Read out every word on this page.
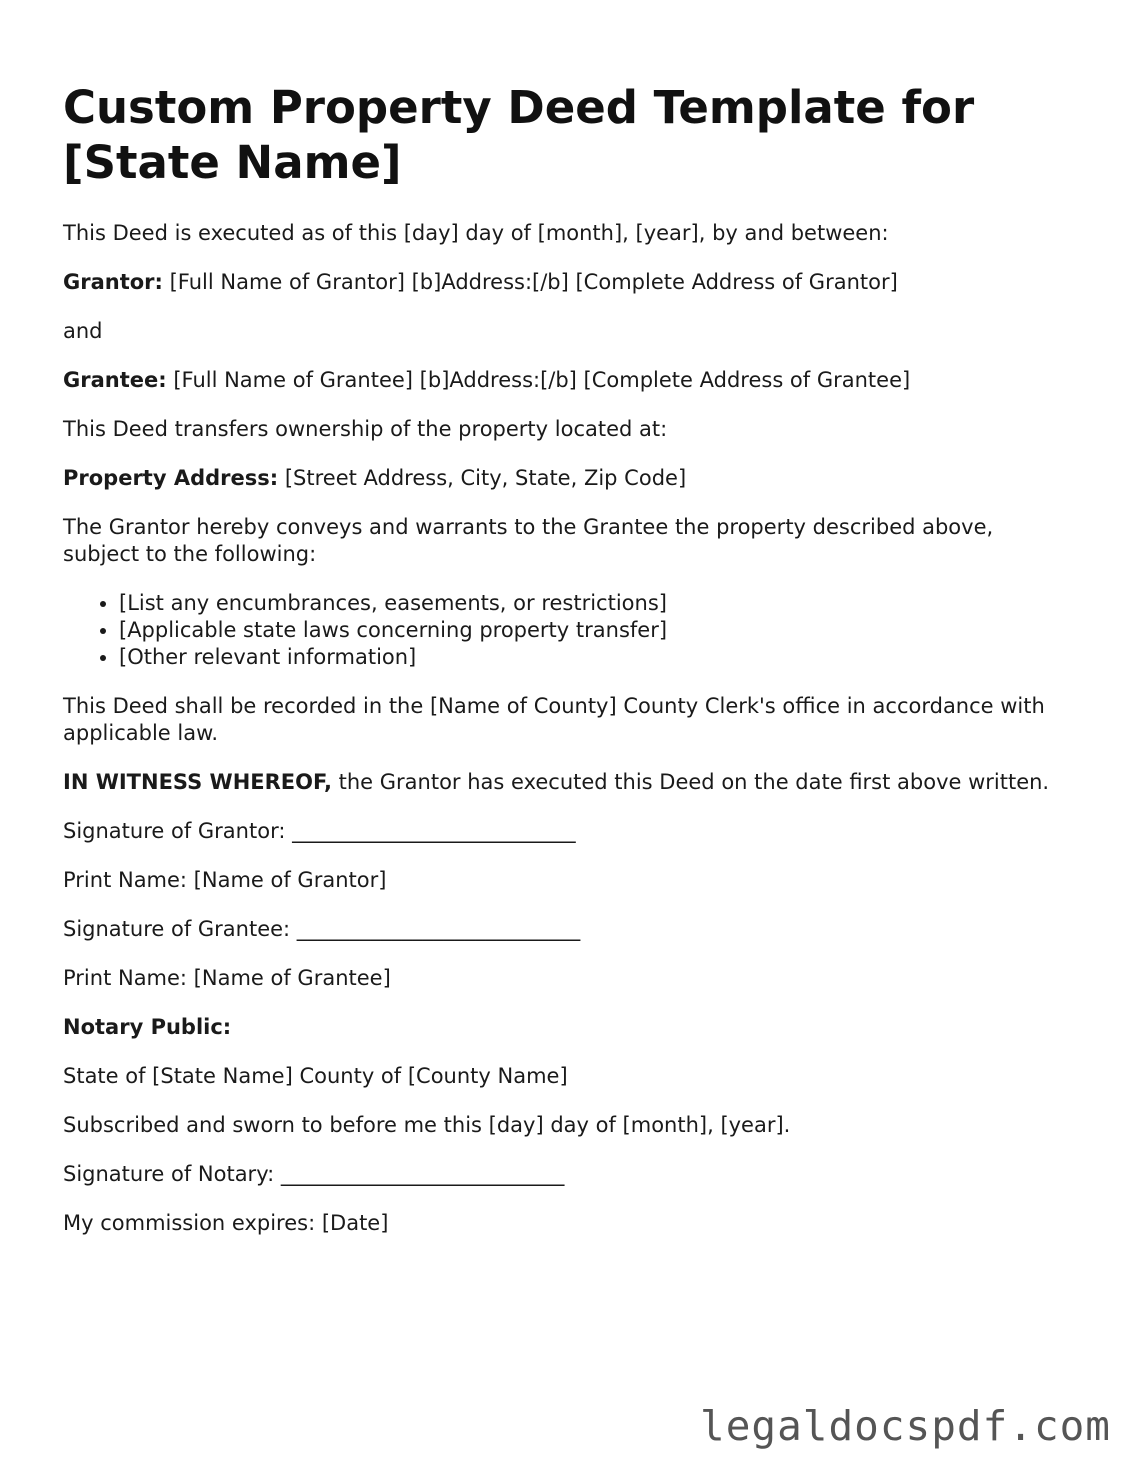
Custom Property Deed Template for [State Name]

This Deed is executed as of this [day] day of [month], [year], by and between:

Grantor: [Full Name of Grantor] [b]Address:[/b] [Complete Address of Grantor]

and

Grantee: [Full Name of Grantee] [b]Address:[/b] [Complete Address of Grantee]

This Deed transfers ownership of the property located at:

Property Address: [Street Address, City, State, Zip Code]

The Grantor hereby conveys and warrants to the Grantee the property described above, subject to the following:

• [List any encumbrances, easements, or restrictions]
• [Applicable state laws concerning property transfer]
• [Other relevant information]

This Deed shall be recorded in the [Name of County] County Clerk's office in accordance with applicable law.

IN WITNESS WHEREOF, the Grantor has executed this Deed on the date first above written.

Signature of Grantor: ___________________________

Print Name: [Name of Grantor]

Signature of Grantee: ___________________________

Print Name: [Name of Grantee]

Notary Public:

State of [State Name] County of [County Name]

Subscribed and sworn to before me this [day] day of [month], [year].

Signature of Notary: ___________________________

My commission expires: [Date]

legaldocspdf.com
